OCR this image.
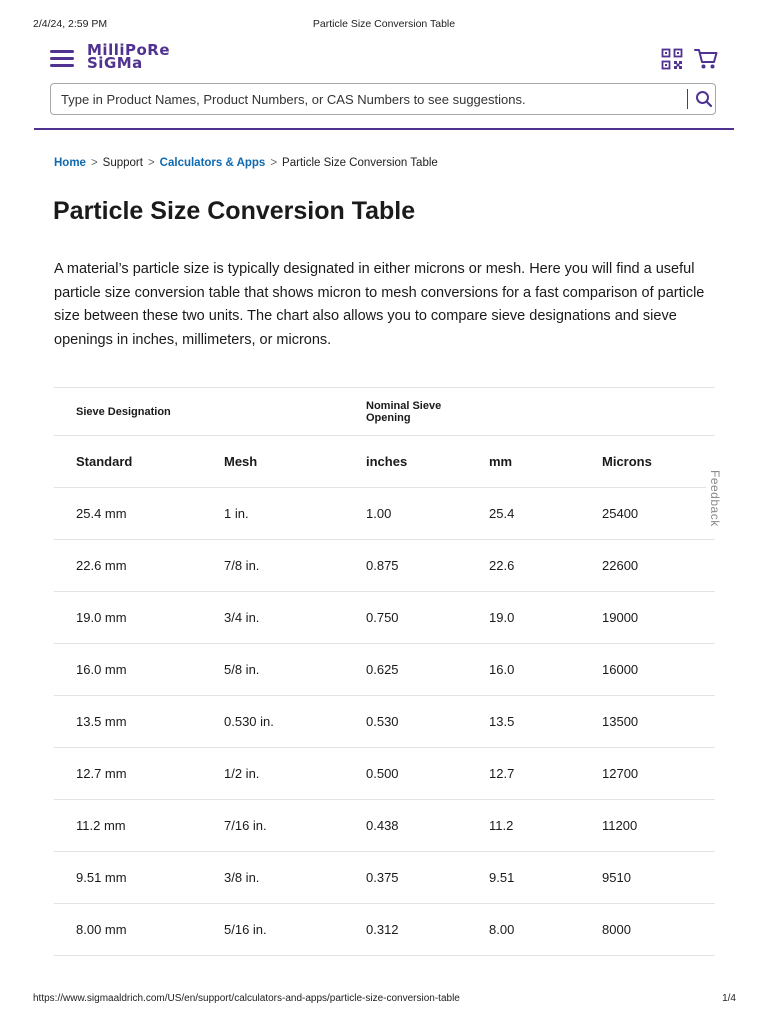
2/4/24, 2:59 PM	Particle Size Conversion Table
MilliPoRe
SiGMa
Type in Product Names, Product Numbers, or CAS Numbers to see suggestions.
Home > Support > Calculators & Apps > Particle Size Conversion Table
Particle Size Conversion Table

A material’s particle size is typically designated in either microns or mesh. Here you will find a useful particle size conversion table that shows micron to mesh conversions for a fast comparison of particle size between these two units. The chart also allows you to compare sieve designations and sieve openings in inches, millimeters, or microns.

Sieve Designation		Nominal Sieve Opening		
Standard	Mesh	inches	mm	Microns
25.4 mm	1 in.	1.00	25.4	25400
22.6 mm	7/8 in.	0.875	22.6	22600
19.0 mm	3/4 in.	0.750	19.0	19000
16.0 mm	5/8 in.	0.625	16.0	16000
13.5 mm	0.530 in.	0.530	13.5	13500
12.7 mm	1/2 in.	0.500	12.7	12700
11.2 mm	7/16 in.	0.438	11.2	11200
9.51 mm	3/8 in.	0.375	9.51	9510
8.00 mm	5/16 in.	0.312	8.00	8000
Feedback
https://www.sigmaaldrich.com/US/en/support/calculators-and-apps/particle-size-conversion-table	1/4
